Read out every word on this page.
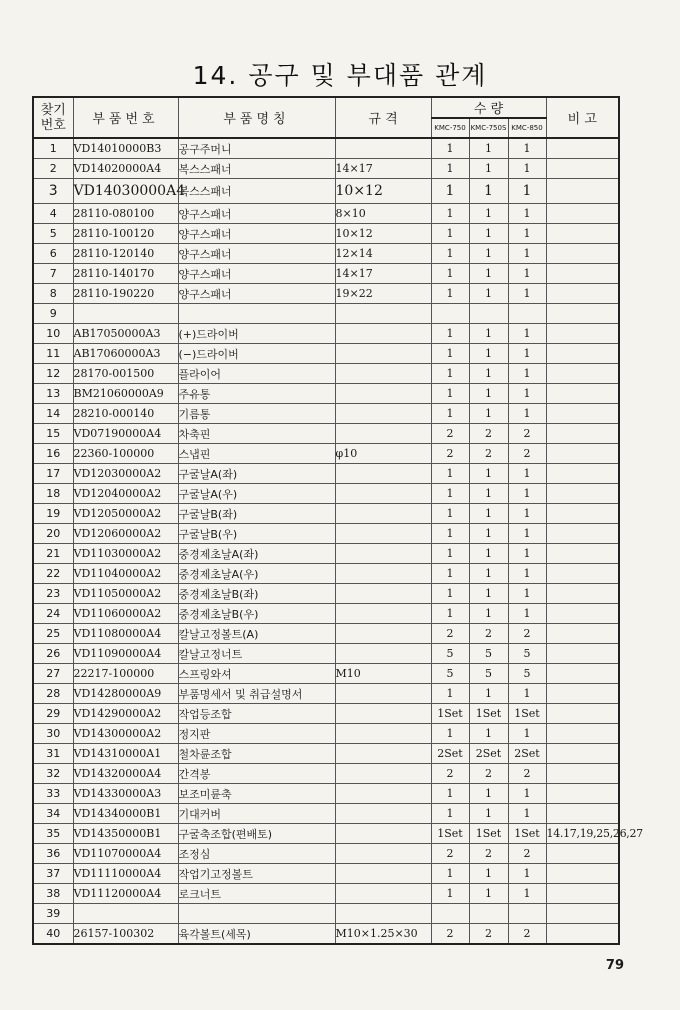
14. 공구 및 부대품 관계
찾기
번호	부품번호	부품명칭	규 격	수 량			비 고
				KMC-750	KMC-750S	KMC-850	
1	VD14010000B3	공구주머니		1	1	1	
2	VD14020000A4	복스스패너	14×17	1	1	1	
3	VD14030000A4	복스스패너	10×12	1	1	1	
4	28110-080100	양구스패너	8×10	1	1	1	
5	28110-100120	양구스패너	10×12	1	1	1	
6	28110-120140	양구스패너	12×14	1	1	1	
7	28110-140170	양구스패너	14×17	1	1	1	
8	28110-190220	양구스패너	19×22	1	1	1	
9							
10	AB17050000A3	(+)드라이버		1	1	1	
11	AB17060000A3	(−)드라이버		1	1	1	
12	28170-001500	플라이어		1	1	1	
13	BM21060000A9	주유통		1	1	1	
14	28210-000140	기름통		1	1	1	
15	VD07190000A4	차축핀		2	2	2	
16	22360-100000	스냅핀	φ10	2	2	2	
17	VD12030000A2	구굴날A(좌)		1	1	1	
18	VD12040000A2	구굴날A(우)		1	1	1	
19	VD12050000A2	구굴날B(좌)		1	1	1	
20	VD12060000A2	구굴날B(우)		1	1	1	
21	VD11030000A2	중경제초날A(좌)		1	1	1	
22	VD11040000A2	중경제초날A(우)		1	1	1	
23	VD11050000A2	중경제초날B(좌)		1	1	1	
24	VD11060000A2	중경제초날B(우)		1	1	1	
25	VD11080000A4	칼날고정볼트(A)		2	2	2	
26	VD11090000A4	칼날고정너트		5	5	5	
27	22217-100000	스프링와셔	M10	5	5	5	
28	VD14280000A9	부품명세서 및 취급설명서		1	1	1	
29	VD14290000A2	작업등조합		1Set	1Set	1Set	
30	VD14300000A2	정지판		1	1	1	
31	VD14310000A1	철차륜조합		2Set	2Set	2Set	
32	VD14320000A4	간격봉		2	2	2	
33	VD14330000A3	보조미륜축		1	1	1	
34	VD14340000B1	기대커버		1	1	1	
35	VD14350000B1	구굴축조합(편배토)		1Set	1Set	1Set	14.17,19,25,26,27
36	VD11070000A4	조정심		2	2	2	
37	VD11110000A4	작업기고정볼트		1	1	1	
38	VD11120000A4	로크너트		1	1	1	
39							
40	26157-100302	육각볼트(세목)	M10×1.25×30	2	2	2	
79
